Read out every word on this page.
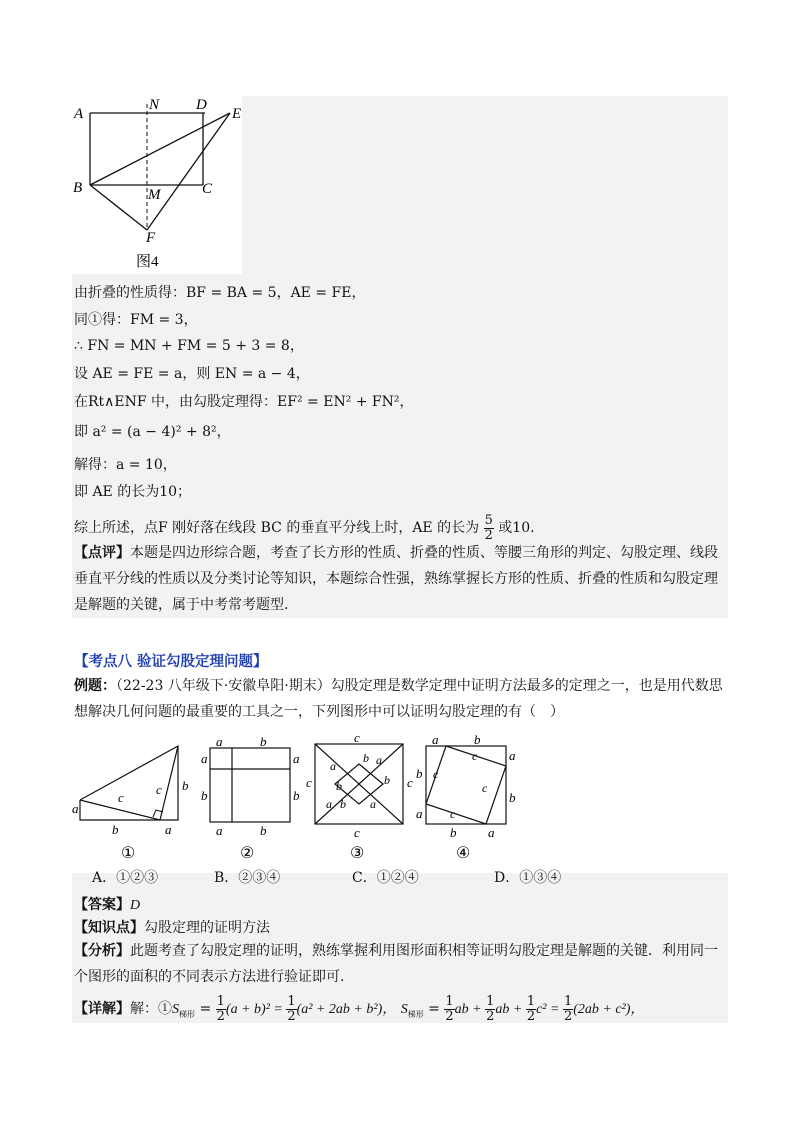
A
N D
E
B	M	C
F
图4
由折叠的性质得：BF = BA = 5，AE = FE，
同①得：FM = 3，
∴ FN = MN + FM = 5 + 3 = 8，
设 AE = FE = a，则 EN = a − 4，
在Rt∧ENF 中，由勾股定理得：EF² = EN² + FN²，
即 a² = (a − 4)² + 8²，
解得：a = 10，
即 AE 的长为10；
综上所述，点F 刚好落在线段 BC 的垂直平分线上时，AE 的长为 $\frac{5}{2}$ 或10.
【点评】本题是四边形综合题，考查了长方形的性质、折叠的性质、等腰三角形的判定、勾股定理、线段垂直平分线的性质以及分类讨论等知识，本题综合性强，熟练掌握长方形的性质、折叠的性质和勾股定理是解题的关键，属于中考常考题型.
【考点八 验证勾股定理问题】
例题：（22-23 八年级下·安徽阜阳·期末）勾股定理是数学定理中证明方法最多的定理之一，也是用代数思想解决几何问题的最重要的工具之一，下列图形中可以证明勾股定理的有（　）
a
b	a
b
c
c
①
a	b
a
b
a
b
a	b
②
c
c
c	c
a
b a
b
a b a
b
③
a	b
a
b
b
a
b a
c
c
c
c
④
A．①②③	B．②③④	C．①②④	D．①③④
【答案】D
【知识点】勾股定理的证明方法
【分析】此题考查了勾股定理的证明，熟练掌握利用图形面积相等证明勾股定理是解题的关键．利用同一个图形的面积的不同表示方法进行验证即可.
【详解】解：$①S_{梯形} = \frac{1}{2} (a + b)^2 = \frac{1}{2} (a^2 + 2ab + b^2)$， $S_{梯形} = \frac{1}{2}$ ab + $\frac{1}{2}$ ab + $\frac{1}{2} c^2 = \frac{1}{2} (2ab + c^2)$，
